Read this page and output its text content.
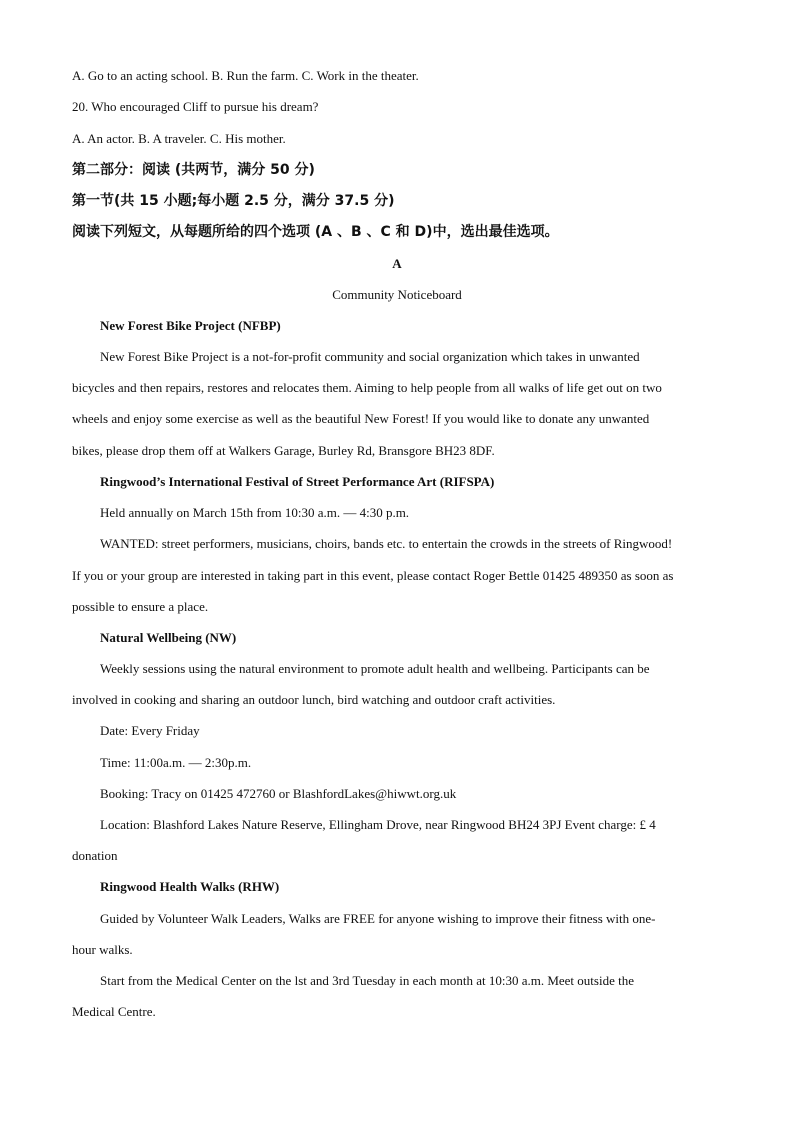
A. Go to an acting school. B. Run the farm. C. Work in the theater.
20. Who encouraged Cliff to pursue his dream?
A. An actor. B. A traveler. C. His mother.
第二部分：阅读 (共两节，满分 50 分)
第一节(共 15 小题;每小题 2.5 分，满分 37.5 分)
阅读下列短文，从每题所给的四个选项 (A 、B 、C 和 D)中，选出最佳选项。
A
Community Noticeboard
New Forest Bike Project (NFBP)
New Forest Bike Project is a not-for-profit community and social organization which takes in unwanted
bicycles and then repairs, restores and relocates them. Aiming to help people from all walks of life get out on two
wheels and enjoy some exercise as well as the beautiful New Forest! If you would like to donate any unwanted
bikes, please drop them off at Walkers Garage, Burley Rd, Bransgore BH23 8DF.
Ringwood’s International Festival of Street Performance Art (RIFSPA)
Held annually on March 15th from 10:30 a.m. — 4:30 p.m.
WANTED: street performers, musicians, choirs, bands etc. to entertain the crowds in the streets of Ringwood!
If you or your group are interested in taking part in this event, please contact Roger Bettle 01425 489350 as soon as
possible to ensure a place.
Natural Wellbeing (NW)
Weekly sessions using the natural environment to promote adult health and wellbeing. Participants can be
involved in cooking and sharing an outdoor lunch, bird watching and outdoor craft activities.
Date: Every Friday
Time: 11:00a.m. — 2:30p.m.
Booking: Tracy on 01425 472760 or BlashfordLakes@hiwwt.org.uk
Location: Blashford Lakes Nature Reserve, Ellingham Drove, near Ringwood BH24 3PJ Event charge: £ 4
donation
Ringwood Health Walks (RHW)
Guided by Volunteer Walk Leaders, Walks are FREE for anyone wishing to improve their fitness with one-
hour walks.
Start from the Medical Center on the lst and 3rd Tuesday in each month at 10:30 a.m. Meet outside the
Medical Centre.
